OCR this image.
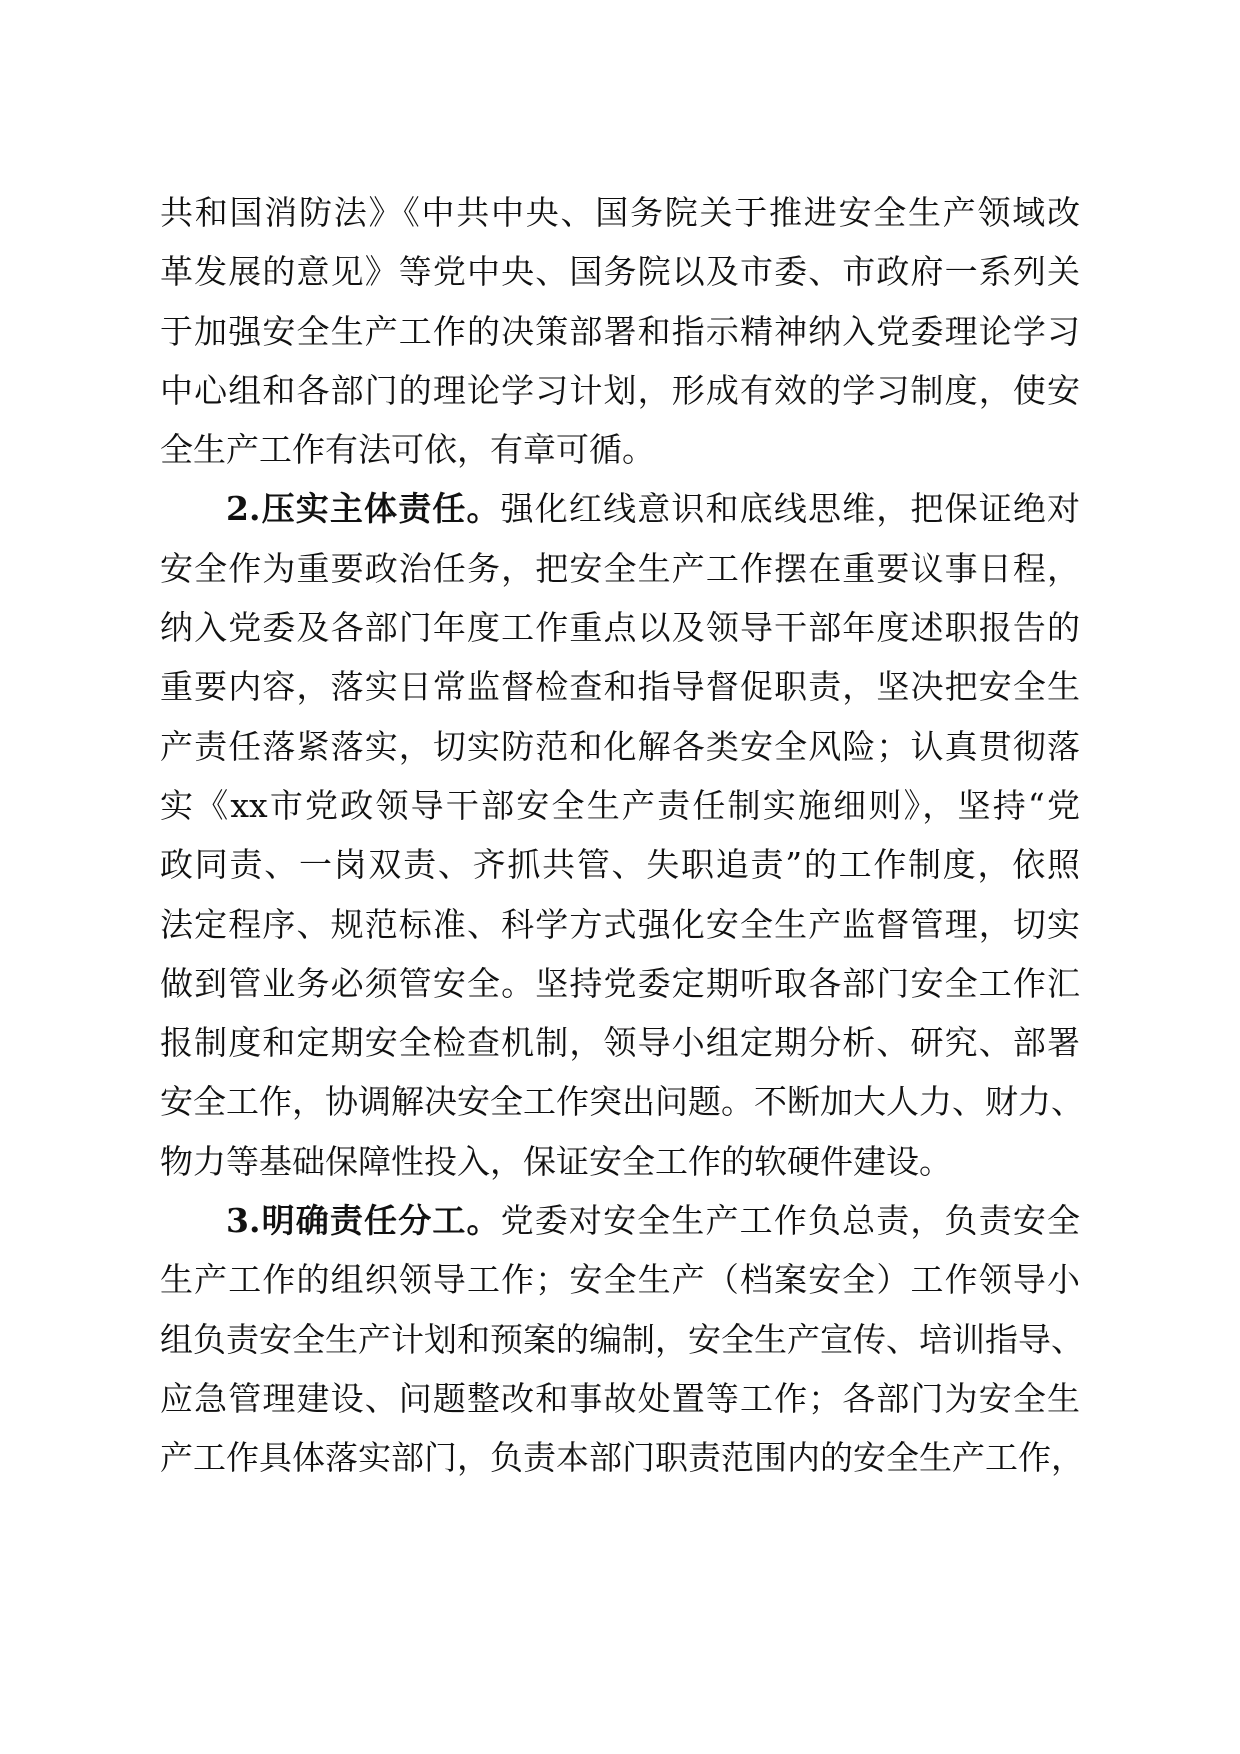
共和国消防法》《中共中央、国务院关于推进安全生产领域改
革发展的意见》等党中央、国务院以及市委、市政府一系列关
于加强安全生产工作的决策部署和指示精神纳入党委理论学习
中心组和各部门的理论学习计划，形成有效的学习制度，使安
全生产工作有法可依，有章可循。
2.压实主体责任。强化红线意识和底线思维，把保证绝对
安全作为重要政治任务，把安全生产工作摆在重要议事日程，
纳入党委及各部门年度工作重点以及领导干部年度述职报告的
重要内容，落实日常监督检查和指导督促职责，坚决把安全生
产责任落紧落实，切实防范和化解各类安全风险；认真贯彻落
实《xx市党政领导干部安全生产责任制实施细则》，坚持“党
政同责、一岗双责、齐抓共管、失职追责”的工作制度，依照
法定程序、规范标准、科学方式强化安全生产监督管理，切实
做到管业务必须管安全。坚持党委定期听取各部门安全工作汇
报制度和定期安全检查机制，领导小组定期分析、研究、部署
安全工作，协调解决安全工作突出问题。不断加大人力、财力、
物力等基础保障性投入，保证安全工作的软硬件建设。
3.明确责任分工。党委对安全生产工作负总责，负责安全
生产工作的组织领导工作；安全生产（档案安全）工作领导小
组负责安全生产计划和预案的编制，安全生产宣传、培训指导、
应急管理建设、问题整改和事故处置等工作；各部门为安全生
产工作具体落实部门，负责本部门职责范围内的安全生产工作，
